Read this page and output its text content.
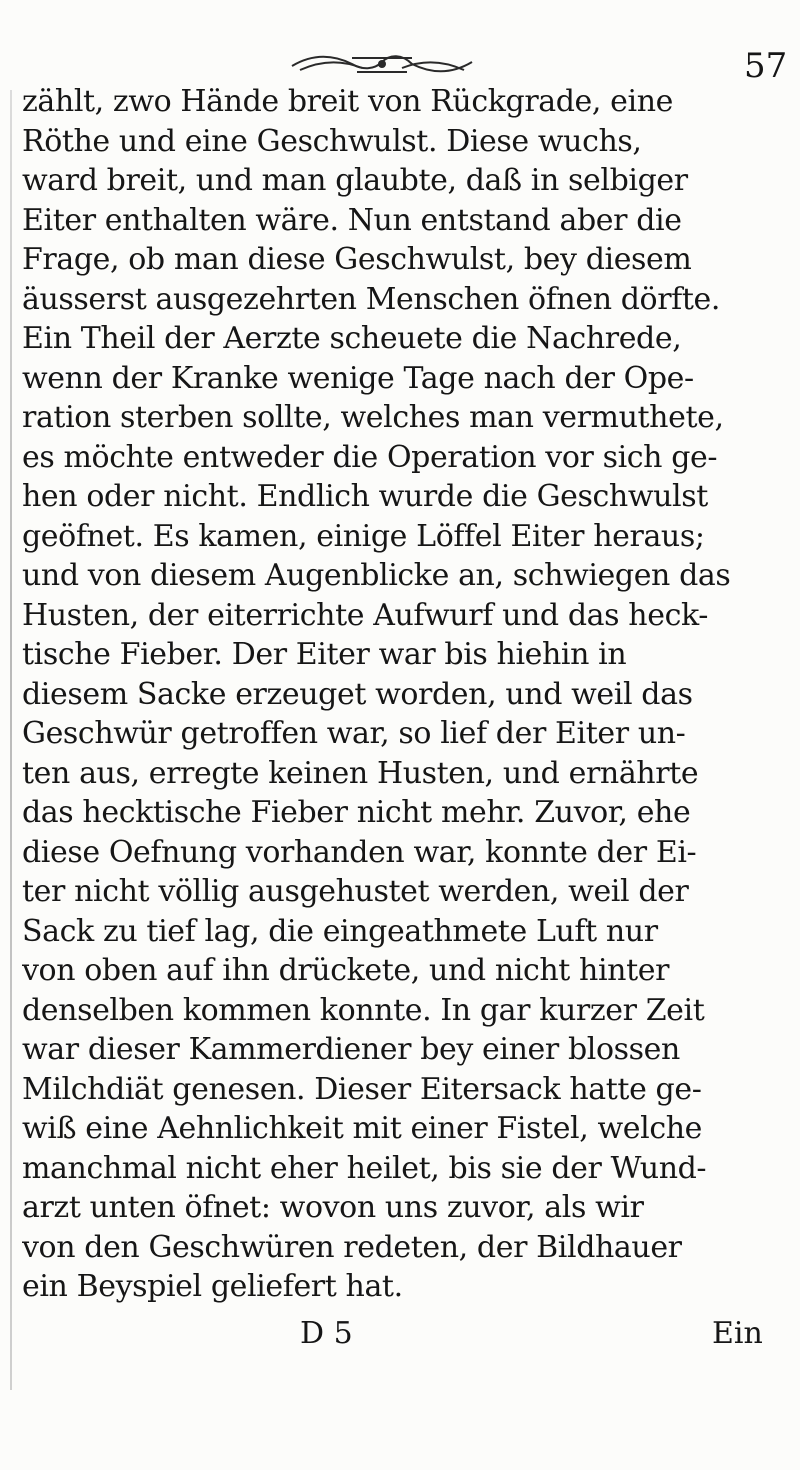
57
zählt, zwo Hände breit von Rückgrade, eine
Röthe und eine Geschwulst. Diese wuchs,
ward breit, und man glaubte, daß in selbiger
Eiter enthalten wäre. Nun entstand aber die
Frage, ob man diese Geschwulst, bey diesem
äusserst ausgezehrten Menschen öfnen dörfte.
Ein Theil der Aerzte scheuete die Nachrede,
wenn der Kranke wenige Tage nach der Ope-
ration sterben sollte, welches man vermuthete,
es möchte entweder die Operation vor sich ge-
hen oder nicht. Endlich wurde die Geschwulst
geöfnet. Es kamen, einige Löffel Eiter heraus;
und von diesem Augenblicke an, schwiegen das
Husten, der eiterrichte Aufwurf und das heck-
tische Fieber. Der Eiter war bis hiehin in
diesem Sacke erzeuget worden, und weil das
Geschwür getroffen war, so lief der Eiter un-
ten aus, erregte keinen Husten, und ernährte
das hecktische Fieber nicht mehr. Zuvor, ehe
diese Oefnung vorhanden war, konnte der Ei-
ter nicht völlig ausgehustet werden, weil der
Sack zu tief lag, die eingeathmete Luft nur
von oben auf ihn drückete, und nicht hinter
denselben kommen konnte. In gar kurzer Zeit
war dieser Kammerdiener bey einer blossen
Milchdiät genesen. Dieser Eitersack hatte ge-
wiß eine Aehnlichkeit mit einer Fistel, welche
manchmal nicht eher heilet, bis sie der Wund-
arzt unten öfnet: wovon uns zuvor, als wir
von den Geschwüren redeten, der Bildhauer
ein Beyspiel geliefert hat.
D 5	Ein
